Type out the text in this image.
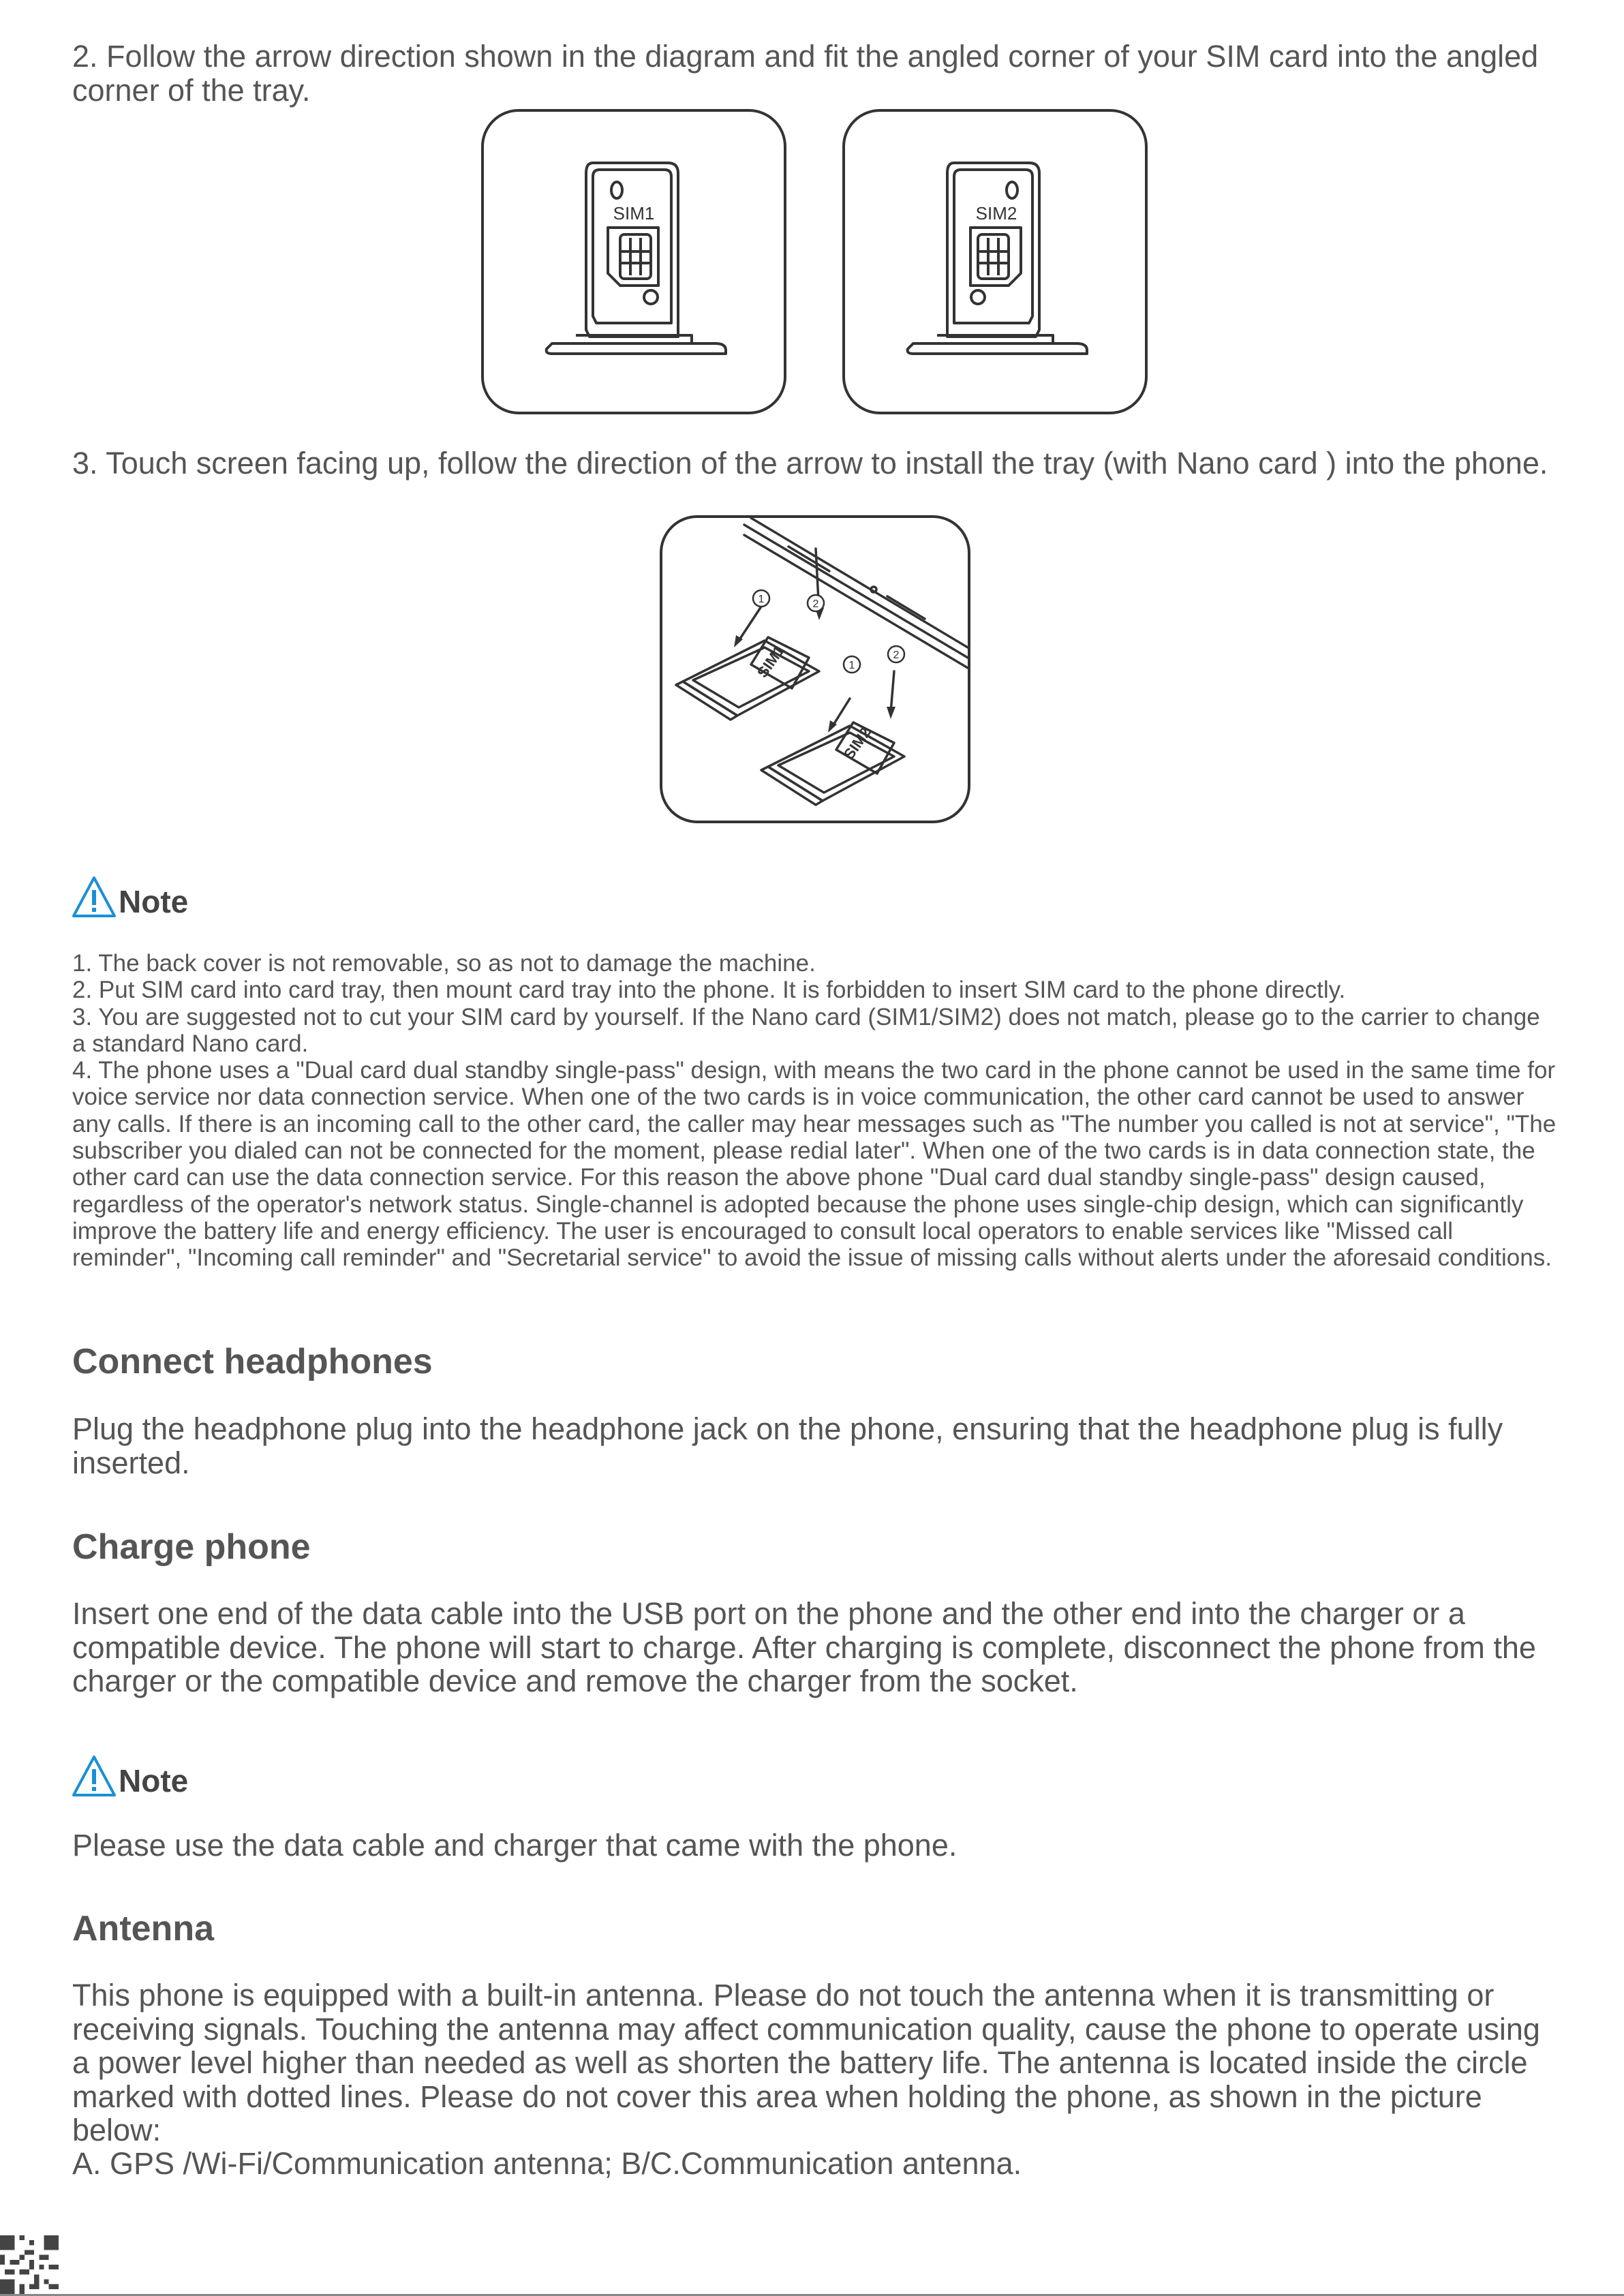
2. Follow the arrow direction shown in the diagram and fit the angled corner of your SIM card into the angled corner of the tray.

SIM1	SIM2

3. Touch screen facing up, follow the direction of the arrow to install the tray (with Nano card ) into the phone.

1	2
1
2
SIM1
SIM2
Note
1. The back cover is not removable, so as not to damage the machine.
2. Put SIM card into card tray, then mount card tray into the phone. It is forbidden to insert SIM card to the phone directly.
3. You are suggested not to cut your SIM card by yourself. If the Nano card (SIM1/SIM2) does not match, please go to the carrier to change a standard Nano card.
4. The phone uses a "Dual card dual standby single-pass" design, with means the two card in the phone cannot be used in the same time for voice service nor data connection service. When one of the two cards is in voice communication, the other card cannot be used to answer any calls. If there is an incoming call to the other card, the caller may hear messages such as "The number you called is not at service", "The subscriber you dialed can not be connected for the moment, please redial later". When one of the two cards is in data connection state, the other card can use the data connection service. For this reason the above phone "Dual card dual standby single-pass" design caused, regardless of the operator's network status. Single-channel is adopted because the phone uses single-chip design, which can significantly improve the battery life and energy efficiency. The user is encouraged to consult local operators to enable services like "Missed call reminder", "Incoming call reminder" and "Secretarial service" to avoid the issue of missing calls without alerts under the aforesaid conditions.
Connect headphones

Plug the headphone plug into the headphone jack on the phone, ensuring that the headphone plug is fully inserted.

Charge phone

Insert one end of the data cable into the USB port on the phone and the other end into the charger or a compatible device. The phone will start to charge. After charging is complete, disconnect the phone from the charger or the compatible device and remove the charger from the socket.

Note

Please use the data cable and charger that came with the phone.

Antenna

This phone is equipped with a built-in antenna. Please do not touch the antenna when it is transmitting or receiving signals. Touching the antenna may affect communication quality, cause the phone to operate using a power level higher than needed as well as shorten the battery life. The antenna is located inside the circle marked with dotted lines. Please do not cover this area when holding the phone, as shown in the picture below:

A. GPS /Wi-Fi/Communication antenna; B/C.Communication antenna.
